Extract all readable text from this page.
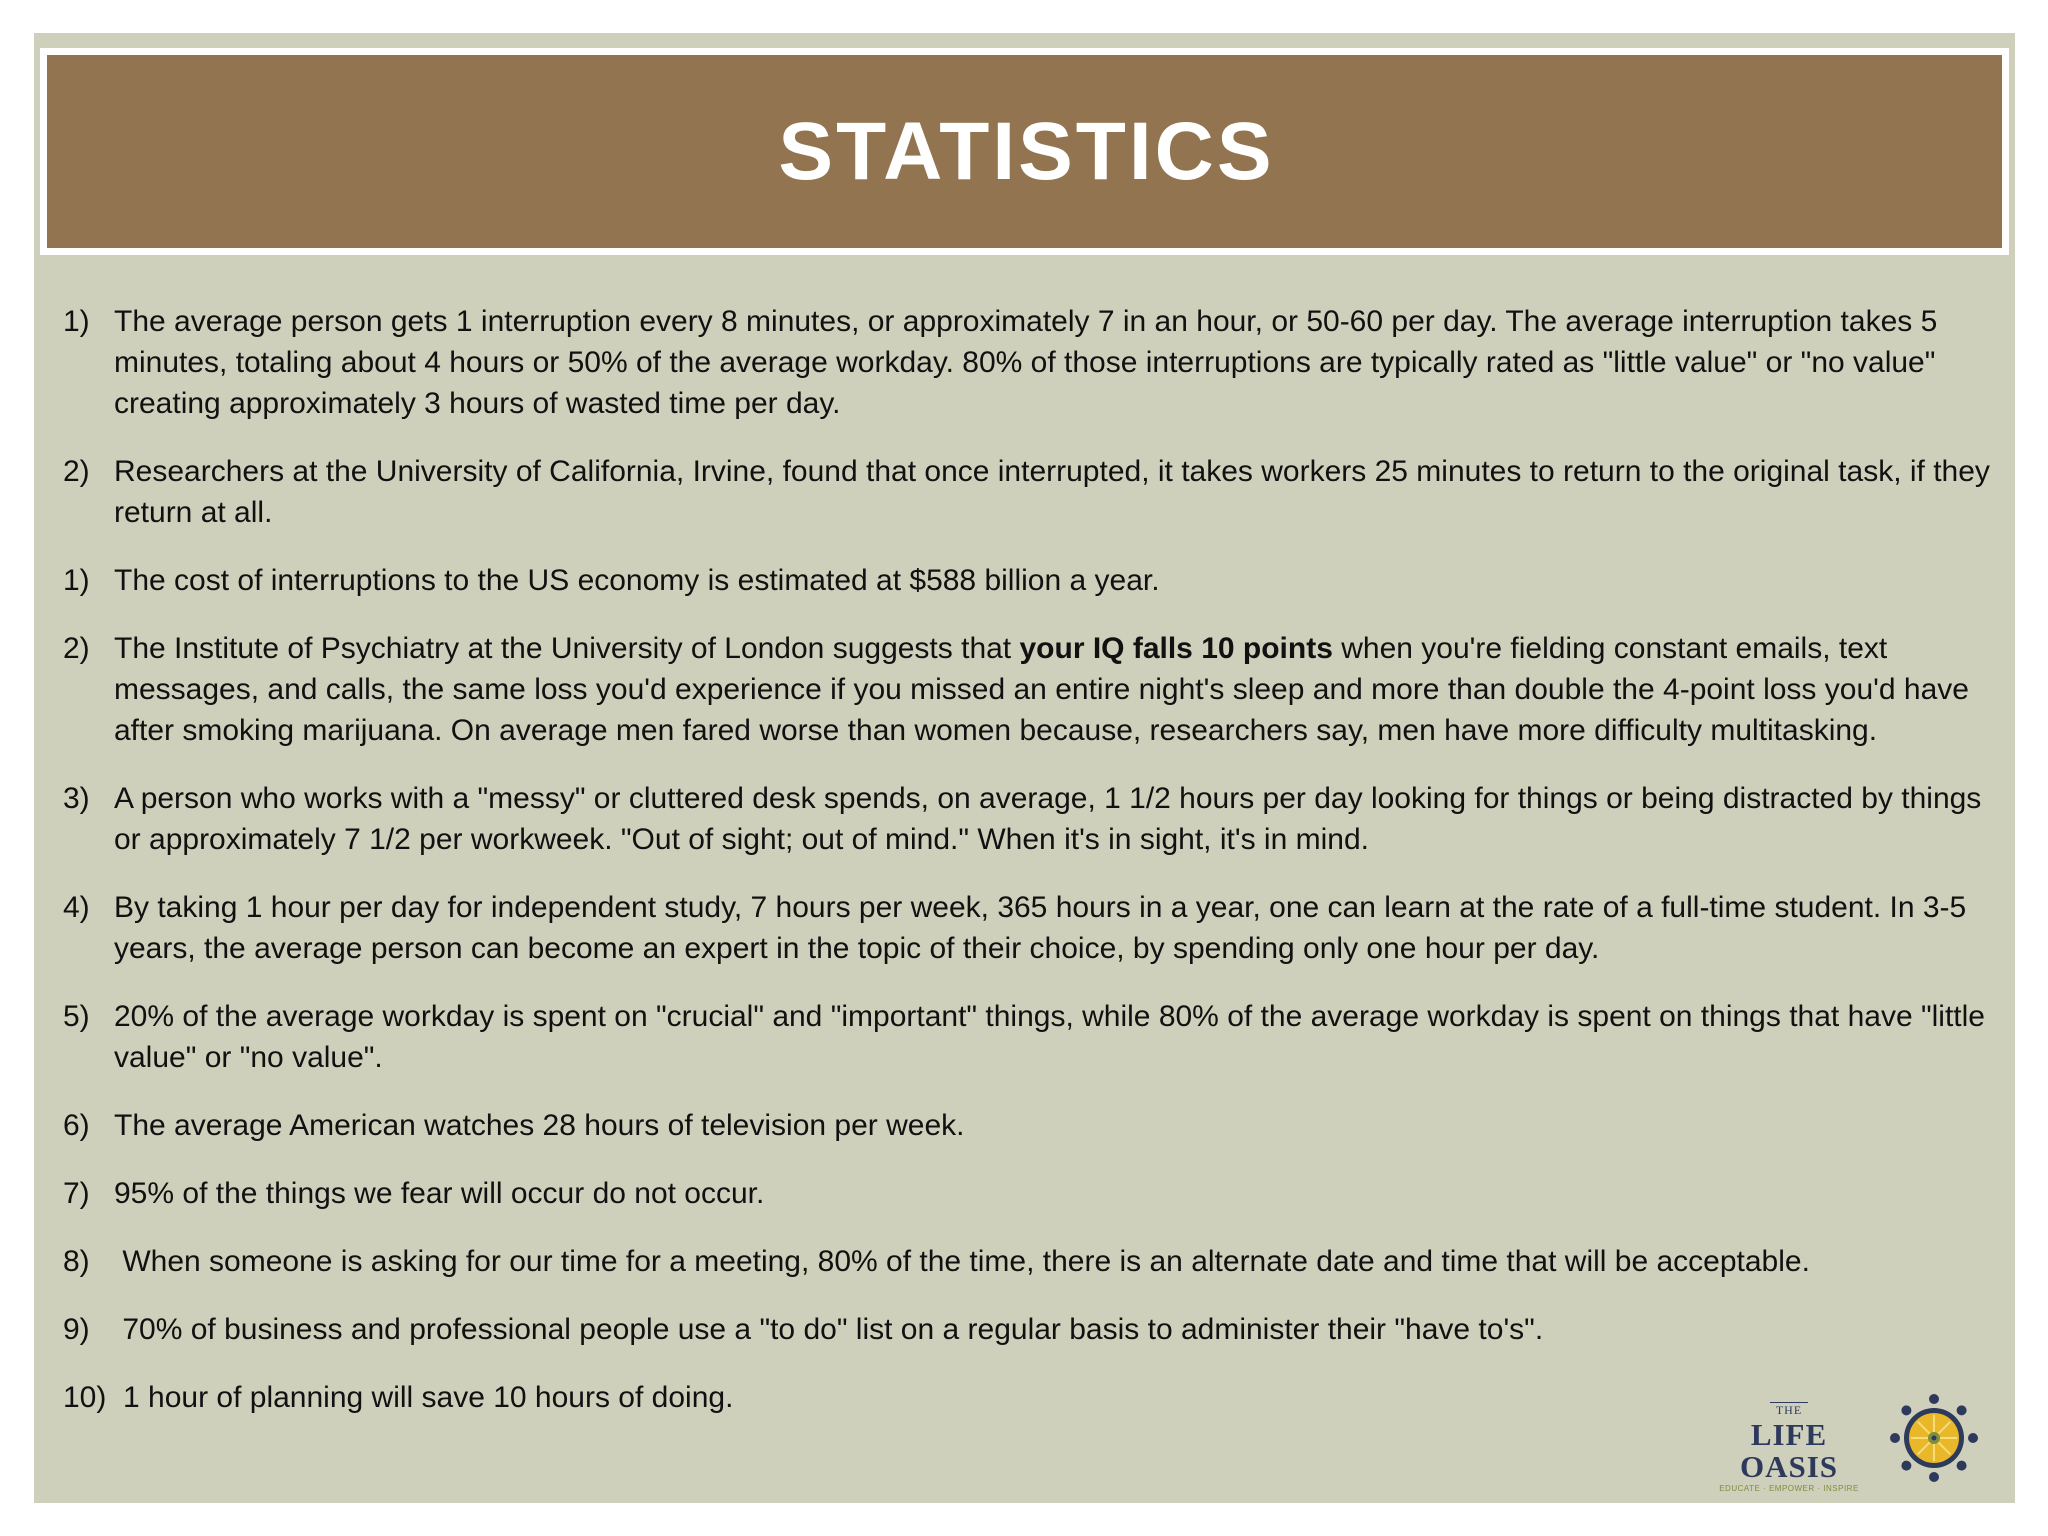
STATISTICS
1) The average person gets 1 interruption every 8 minutes, or approximately 7 in an hour, or 50-60 per day. The average interruption takes 5 minutes, totaling about 4 hours or 50% of the average workday. 80% of those interruptions are typically rated as "little value" or "no value" creating approximately 3 hours of wasted time per day.
2) Researchers at the University of California, Irvine, found that once interrupted, it takes workers 25 minutes to return to the original task, if they return at all.
1) The cost of interruptions to the US economy is estimated at $588 billion a year.
2) The Institute of Psychiatry at the University of London suggests that your IQ falls 10 points when you're fielding constant emails, text messages, and calls, the same loss you'd experience if you missed an entire night's sleep and more than double the 4-point loss you'd have after smoking marijuana. On average men fared worse than women because, researchers say, men have more difficulty multitasking.
3) A person who works with a "messy" or cluttered desk spends, on average, 1 1/2 hours per day looking for things or being distracted by things or approximately 7 1/2 per workweek. "Out of sight; out of mind." When it's in sight, it's in mind.
4) By taking 1 hour per day for independent study, 7 hours per week, 365 hours in a year, one can learn at the rate of a full-time student. In 3-5 years, the average person can become an expert in the topic of their choice, by spending only one hour per day.
5) 20% of the average workday is spent on "crucial" and "important" things, while 80% of the average workday is spent on things that have "little value" or "no value".
6) The average American watches 28 hours of television per week.
7) 95% of the things we fear will occur do not occur.
8) When someone is asking for our time for a meeting, 80% of the time, there is an alternate date and time that will be acceptable.
9) 70% of business and professional people use a "to do" list on a regular basis to administer their "have to's".
10) 1 hour of planning will save 10 hours of doing.	THE
LIFE OASIS
EDUCATE · EMPOWER · INSPIRE
